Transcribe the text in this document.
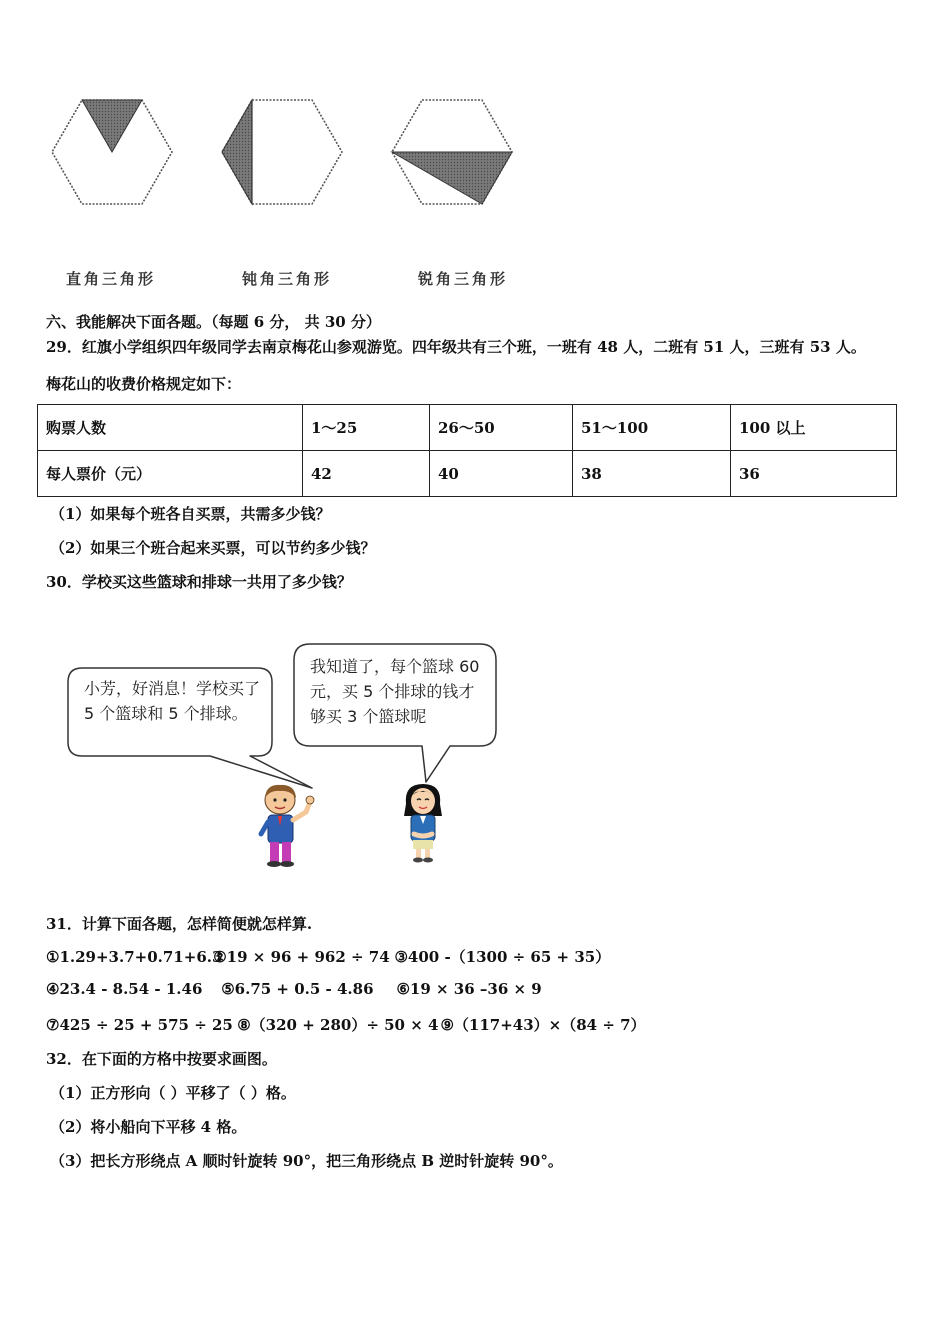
直角三角形	钝角三角形	锐角三角形
六、我能解决下面各题。（每题 6 分， 共 30 分）
29．红旗小学组织四年级同学去南京梅花山参观游览。四年级共有三个班，一班有 48 人，二班有 51 人，三班有 53 人。
梅花山的收费价格规定如下：
购票人数	1～25	26～50	51～100	100 以上
每人票价（元）	42	40	38	36
（1）如果每个班各自买票，共需多少钱？
（2）如果三个班合起来买票，可以节约多少钱？
30．学校买这些篮球和排球一共用了多少钱？
小芳，好消息！学校买了
5 个篮球和 5 个排球。
我知道了，每个篮球 60
元，买 5 个排球的钱才
够买 3 个篮球呢
31．计算下面各题，怎样简便就怎样算.
①1.29+3.7+0.71+6.3 ②19 × 96 + 962 ÷ 74 ③400 -（1300 ÷ 65 + 35）
④23.4 - 8.54 - 1.46 ⑤6.75 + 0.5 - 4.86 ⑥19 × 36 –36 × 9
⑦425 ÷ 25 + 575 ÷ 25 ⑧（320 + 280）÷ 50 × 4 ⑨（117+43）×（84 ÷ 7）
32．在下面的方格中按要求画图。
（1）正方形向（ ）平移了（ ）格。
（2）将小船向下平移 4 格。
（3）把长方形绕点 A 顺时针旋转 90°，把三角形绕点 B 逆时针旋转 90°。
